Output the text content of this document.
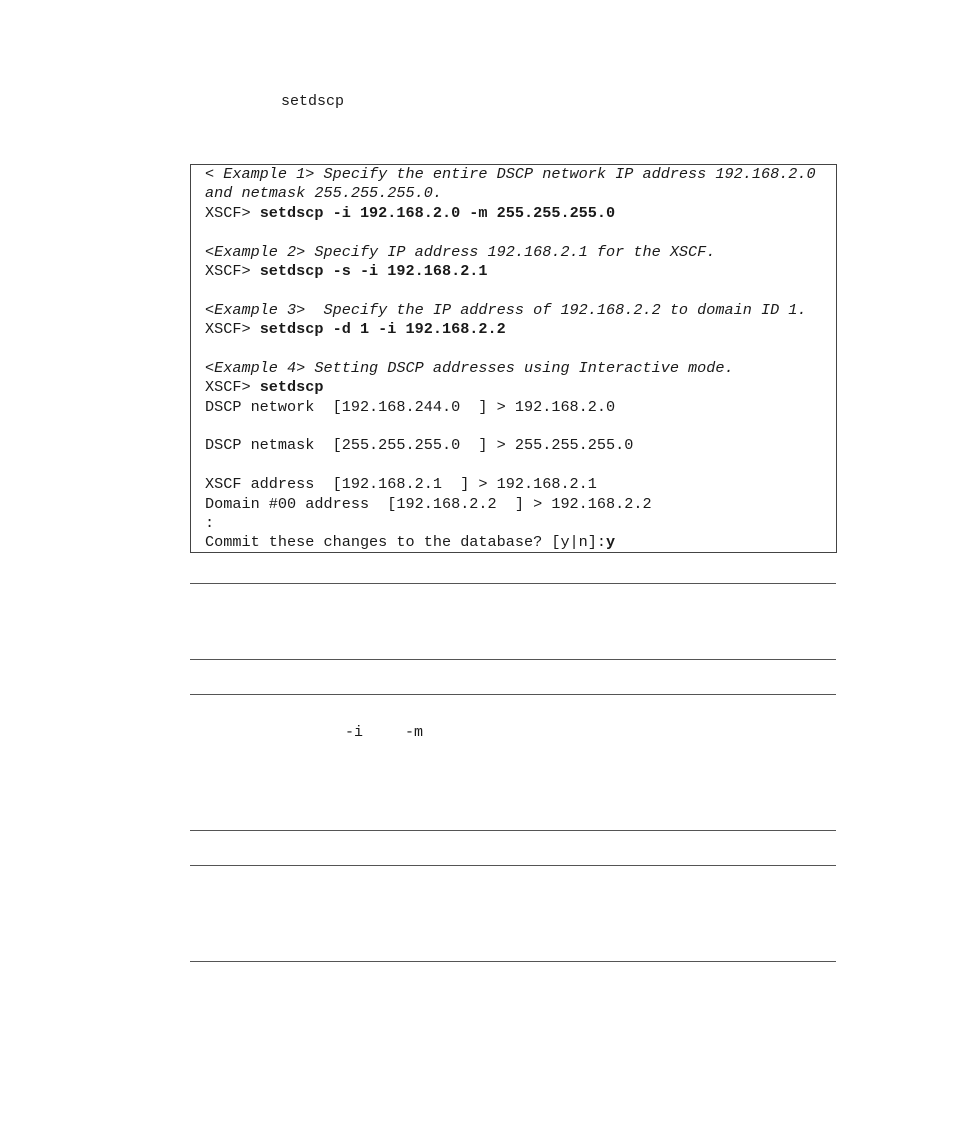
setdscp
< Example 1> Specify the entire DSCP network IP address 192.168.2.0
and netmask 255.255.255.0.
XSCF> setdscp -i 192.168.2.0 -m 255.255.255.0
<Example 2> Specify IP address 192.168.2.1 for the XSCF.
XSCF> setdscp -s -i 192.168.2.1
<Example 3>  Specify the IP address of 192.168.2.2 to domain ID 1.
XSCF> setdscp -d 1 -i 192.168.2.2
<Example 4> Setting DSCP addresses using Interactive mode.
XSCF> setdscp
DSCP network  [192.168.244.0  ] > 192.168.2.0
DSCP netmask  [255.255.255.0  ] > 255.255.255.0
XSCF address  [192.168.2.1  ] > 192.168.2.1
Domain #00 address  [192.168.2.2  ] > 192.168.2.2
:
Commit these changes to the database? [y|n]:y
-i	-m
